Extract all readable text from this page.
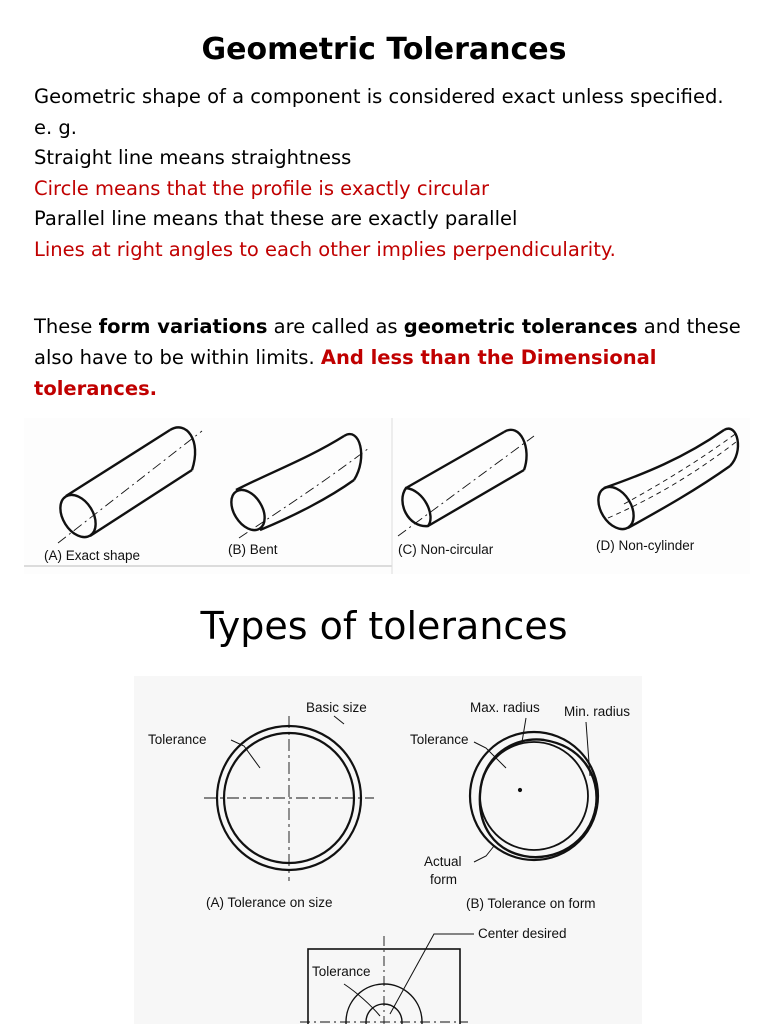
Geometric Tolerances

Geometric shape of a component is considered exact unless specified.

e. g.

Straight line means straightness

Circle means that the profile is exactly circular

Parallel line means that these are exactly parallel

Lines at right angles to each other implies perpendicularity.

These form variations are called as geometric tolerances and these also have to be within limits. And less than the Dimensional tolerances.
(A) Exact shape	(B) Bent	(C) Non-circular	(D) Non-cylinder
Types of tolerances
Basic size
Tolerance
(A) Tolerance on size
Max. radius Min. radius
Tolerance
Actual
form
(B) Tolerance on form
Center desired
Tolerance
